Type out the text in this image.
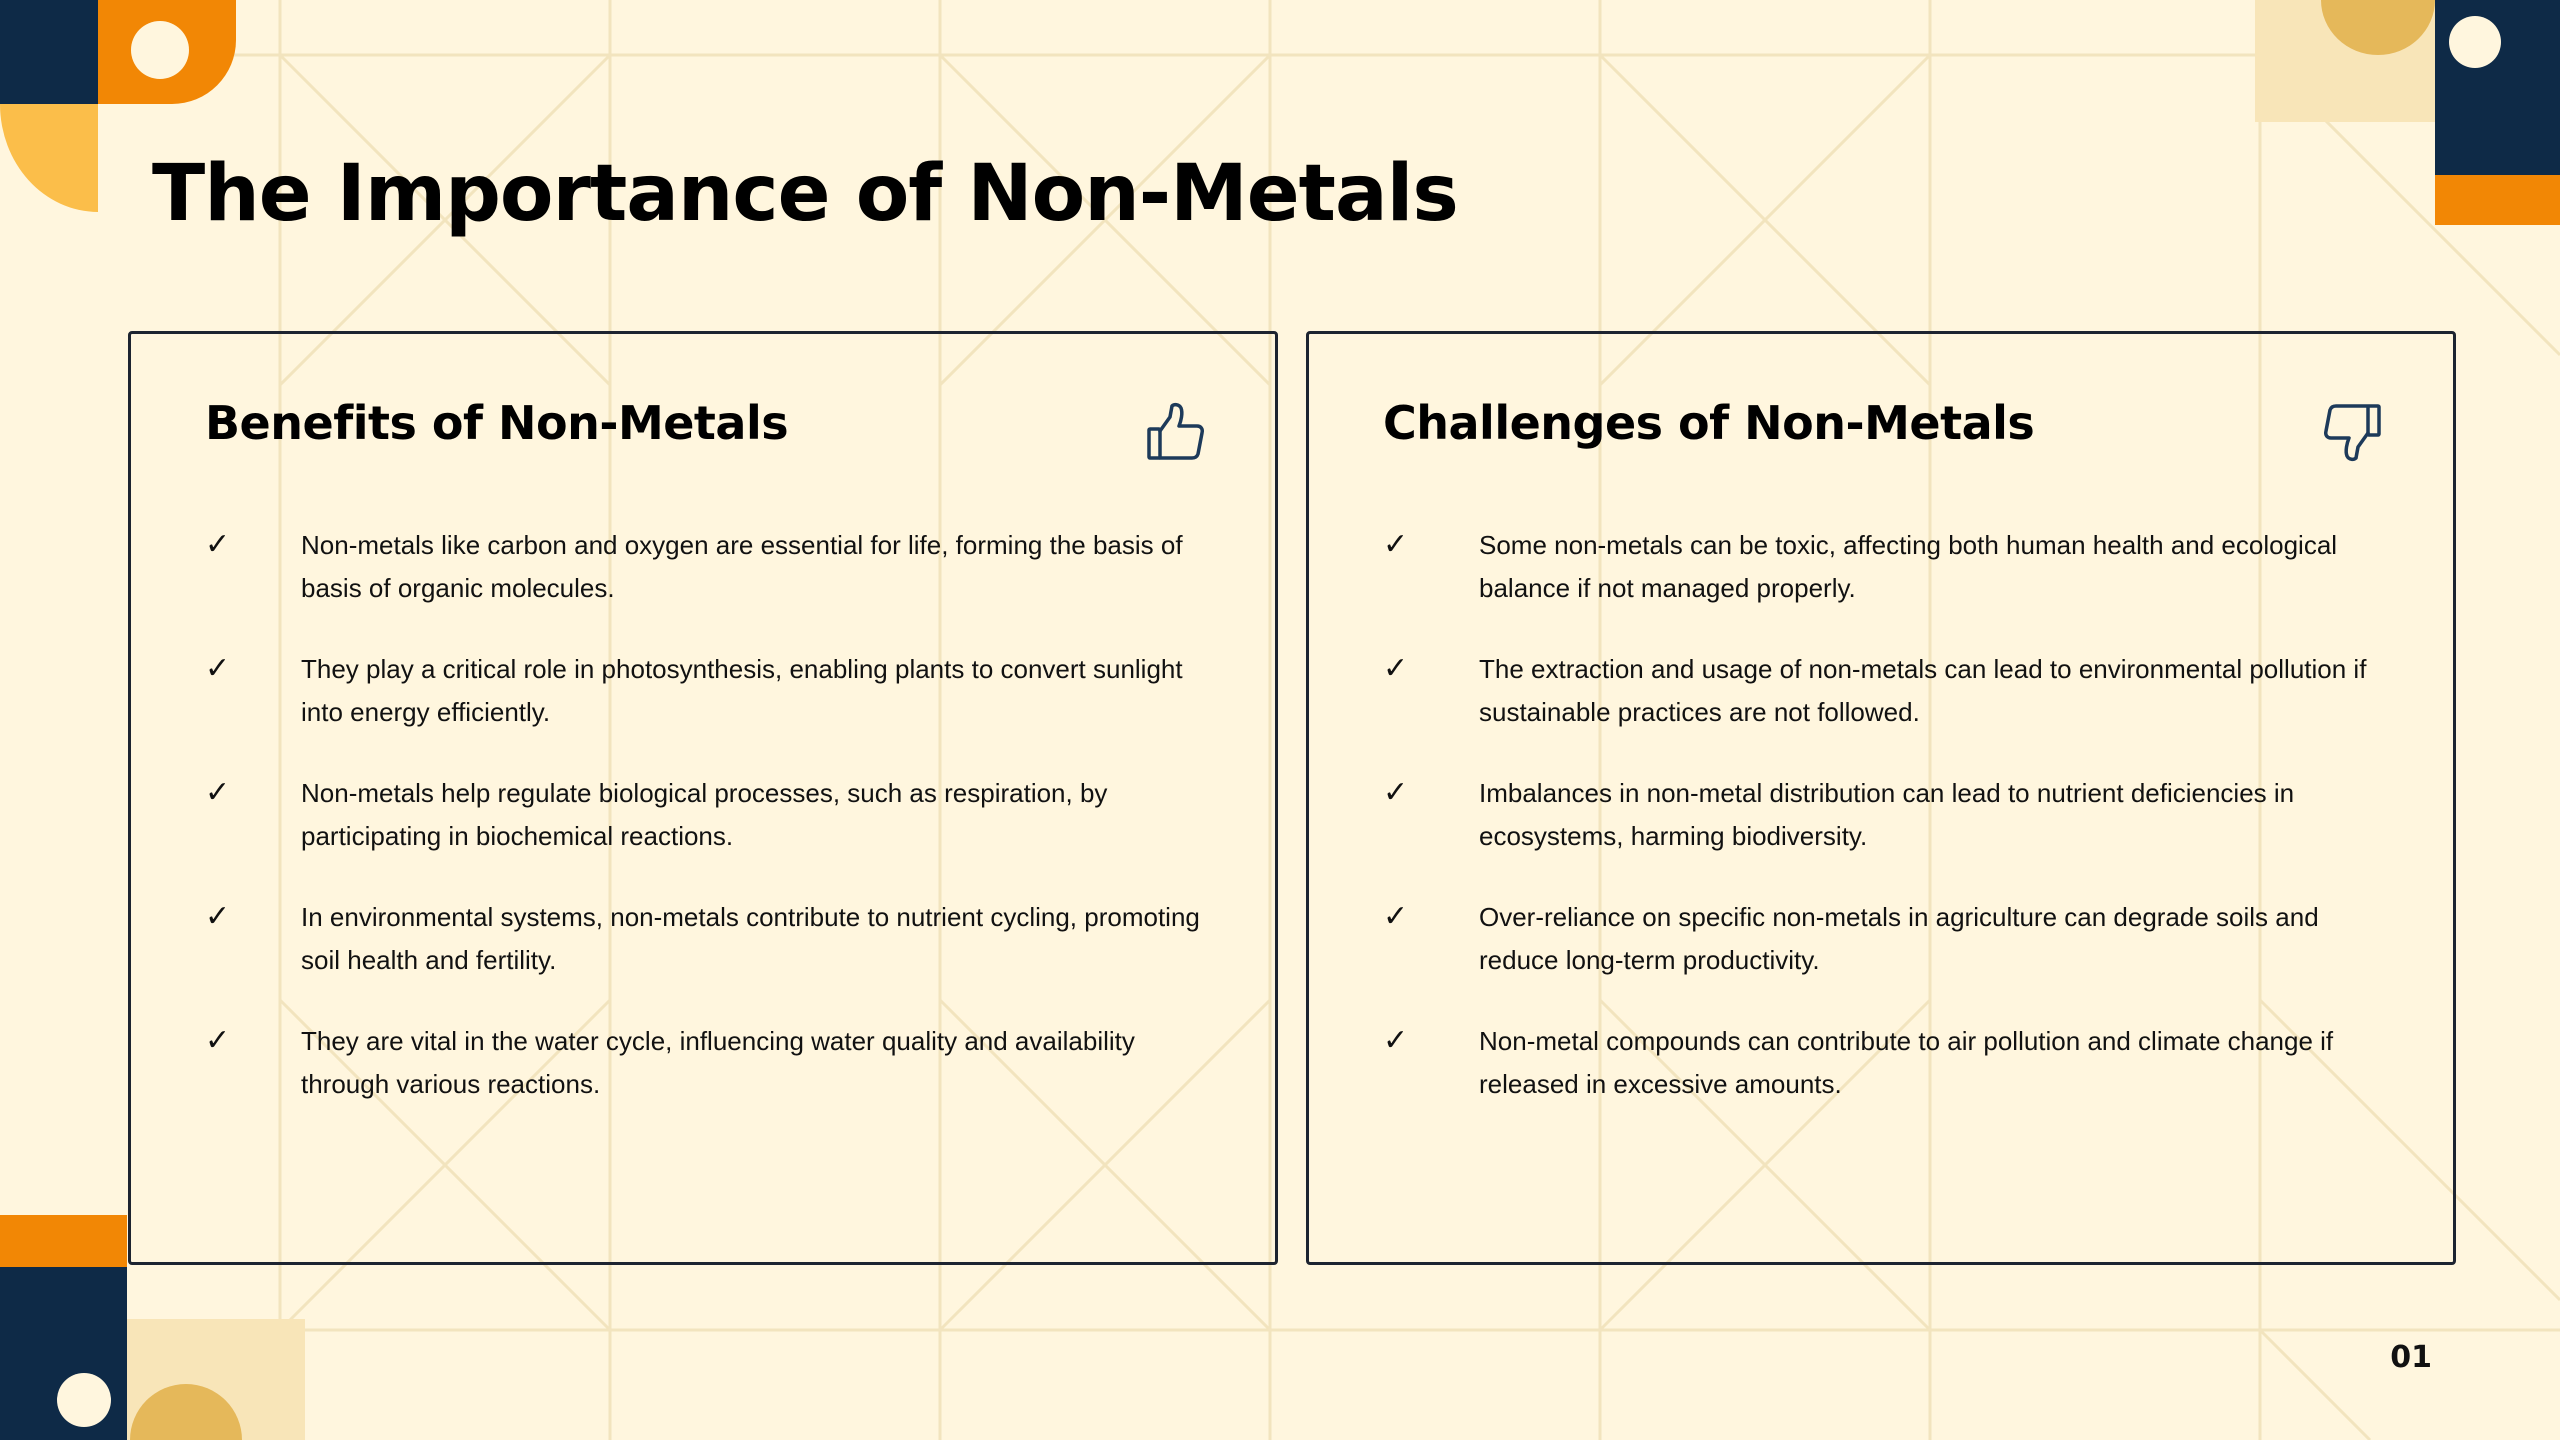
The Importance of Non-Metals
Benefits of Non-Metals
✓	Non-metals like carbon and oxygen are essential for life, forming the basis of basis of organic molecules.
✓	They play a critical role in photosynthesis, enabling plants to convert sunlight into energy efficiently.
✓	Non-metals help regulate biological processes, such as respiration, by participating in biochemical reactions.
✓	In environmental systems, non-metals contribute to nutrient cycling, promoting soil health and fertility.
✓	They are vital in the water cycle, influencing water quality and availability through various reactions.
Challenges of Non-Metals
✓	Some non-metals can be toxic, affecting both human health and ecological balance if not managed properly.
✓	The extraction and usage of non-metals can lead to environmental pollution if sustainable practices are not followed.
✓	Imbalances in non-metal distribution can lead to nutrient deficiencies in ecosystems, harming biodiversity.
✓	Over-reliance on specific non-metals in agriculture can degrade soils and reduce long-term productivity.
✓	Non-metal compounds can contribute to air pollution and climate change if released in excessive amounts.
01
